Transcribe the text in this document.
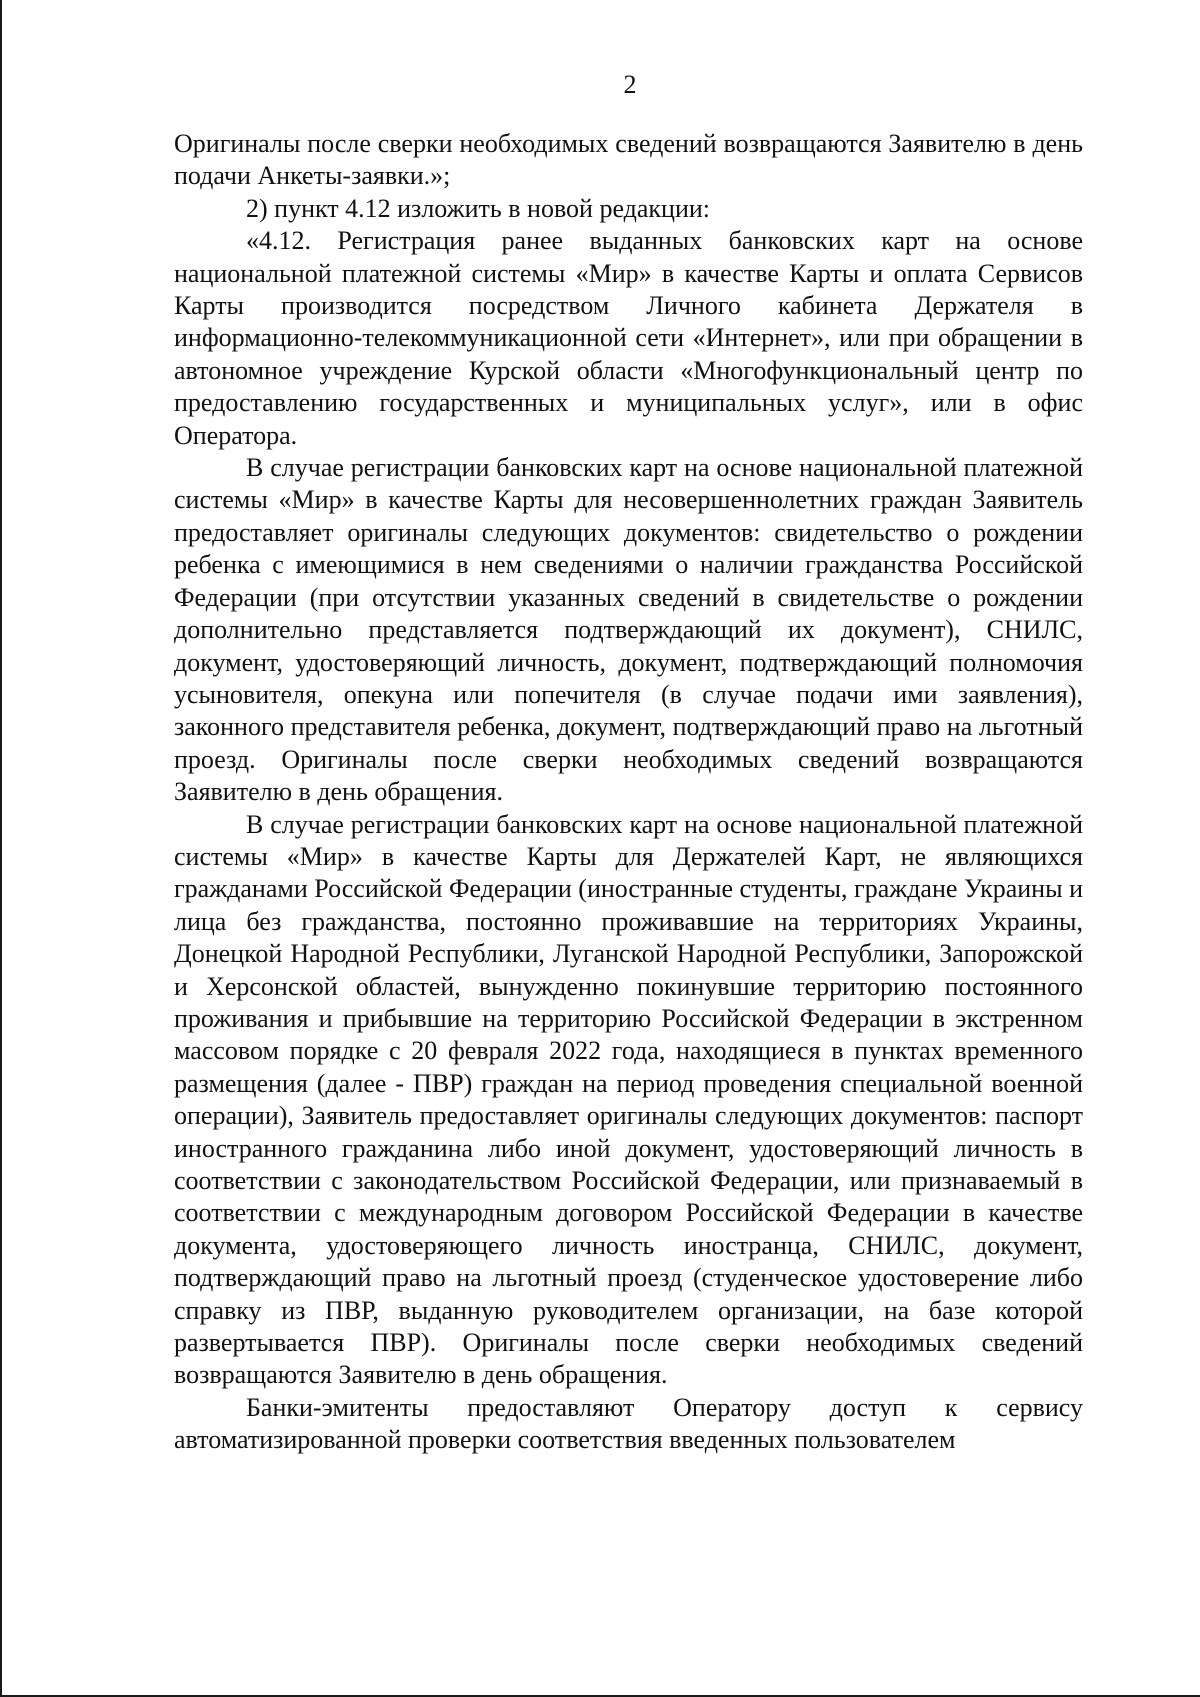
2

Оригиналы после сверки необходимых сведений возвращаются Заявителю в день подачи Анкеты-заявки.»;

2) пункт 4.12 изложить в новой редакции:

«4.12. Регистрация ранее выданных банковских карт на основе национальной платежной системы «Мир» в качестве Карты и оплата Сервисов Карты производится посредством Личного кабинета Держателя в информационно-телекоммуникационной сети «Интернет», или при обращении в автономное учреждение Курской области «Многофункциональный центр по предоставлению государственных и муниципальных услуг», или в офис Оператора.

В случае регистрации банковских карт на основе национальной платежной системы «Мир» в качестве Карты для несовершеннолетних граждан Заявитель предоставляет оригиналы следующих документов: свидетельство о рождении ребенка с имеющимися в нем сведениями о наличии гражданства Российской Федерации (при отсутствии указанных сведений в свидетельстве о рождении дополнительно представляется подтверждающий их документ), СНИЛС, документ, удостоверяющий личность, документ, подтверждающий полномочия усыновителя, опекуна или попечителя (в случае подачи ими заявления), законного представителя ребенка, документ, подтверждающий право на льготный проезд. Оригиналы после сверки необходимых сведений возвращаются Заявителю в день обращения.

В случае регистрации банковских карт на основе национальной платежной системы «Мир» в качестве Карты для Держателей Карт, не являющихся гражданами Российской Федерации (иностранные студенты, граждане Украины и лица без гражданства, постоянно проживавшие на территориях Украины, Донецкой Народной Республики, Луганской Народной Республики, Запорожской и Херсонской областей, вынужденно покинувшие территорию постоянного проживания и прибывшие на территорию Российской Федерации в экстренном массовом порядке с 20 февраля 2022 года, находящиеся в пунктах временного размещения (далее - ПВР) граждан на период проведения специальной военной операции), Заявитель предоставляет оригиналы следующих документов: паспорт иностранного гражданина либо иной документ, удостоверяющий личность в соответствии с законодательством Российской Федерации, или признаваемый в соответствии с международным договором Российской Федерации в качестве документа, удостоверяющего личность иностранца, СНИЛС, документ, подтверждающий право на льготный проезд (студенческое удостоверение либо справку из ПВР, выданную руководителем организации, на базе которой развертывается ПВР). Оригиналы после сверки необходимых сведений возвращаются Заявителю в день обращения.

Банки-эмитенты предоставляют Оператору доступ к сервису автоматизированной проверки соответствия введенных пользователем
